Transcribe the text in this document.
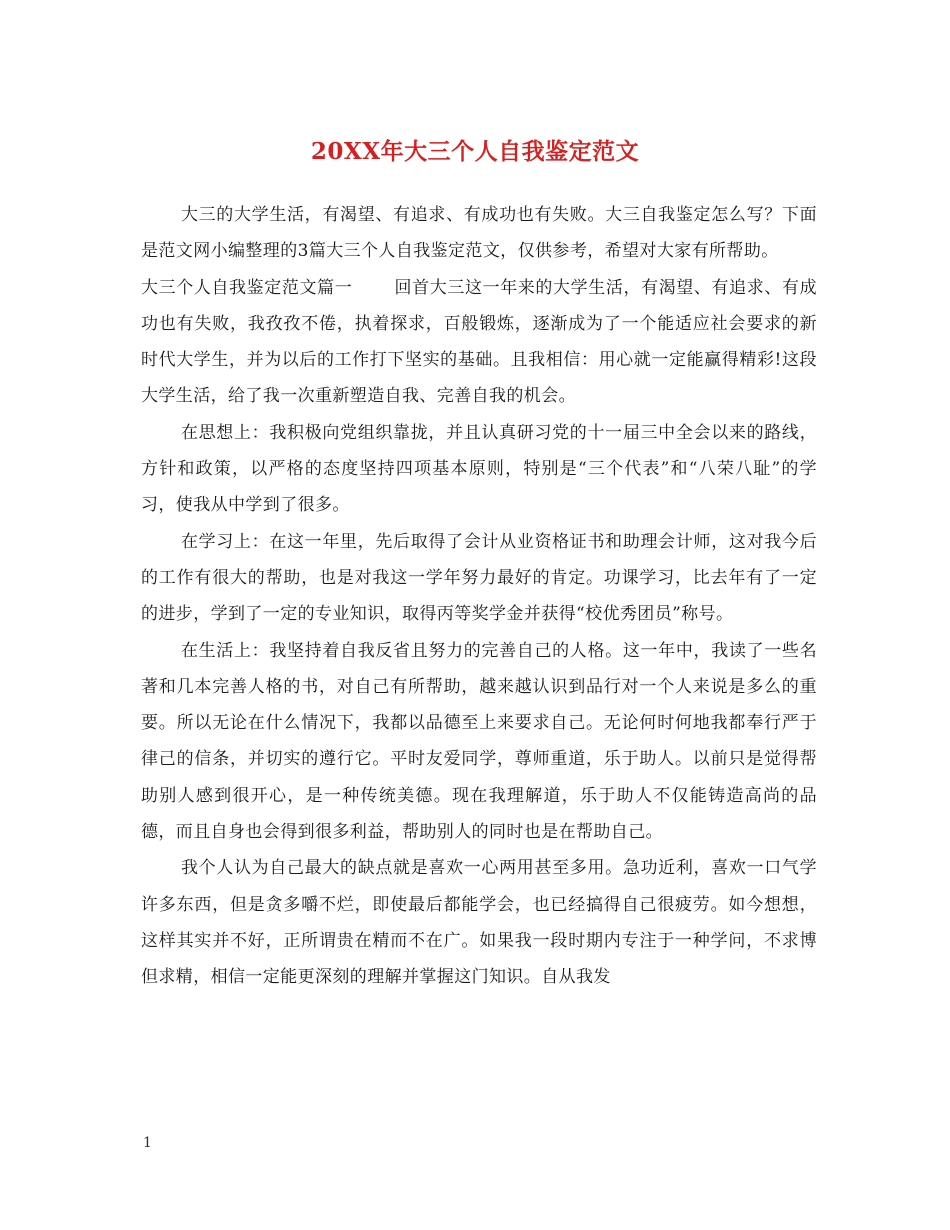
20XX年大三个人自我鉴定范文

大三的大学生活，有渴望、有追求、有成功也有失败。大三自我鉴定怎么写？下面是范文网小编整理的3篇大三个人自我鉴定范文，仅供参考，希望对大家有所帮助。

大三个人自我鉴定范文篇一 回首大三这一年来的大学生活，有渴望、有追求、有成功也有失败，我孜孜不倦，执着探求，百般锻炼，逐渐成为了一个能适应社会要求的新时代大学生，并为以后的工作打下坚实的基础。且我相信：用心就一定能赢得精彩!这段大学生活，给了我一次重新塑造自我、完善自我的机会。

在思想上：我积极向党组织靠拢，并且认真研习党的十一届三中全会以来的路线，方针和政策，以严格的态度坚持四项基本原则，特别是“三个代表”和“八荣八耻”的学习，使我从中学到了很多。

在学习上：在这一年里，先后取得了会计从业资格证书和助理会计师，这对我今后的工作有很大的帮助，也是对我这一学年努力最好的肯定。功课学习，比去年有了一定的进步，学到了一定的专业知识，取得丙等奖学金并获得“校优秀团员”称号。

在生活上：我坚持着自我反省且努力的完善自己的人格。这一年中，我读了一些名著和几本完善人格的书，对自己有所帮助，越来越认识到品行对一个人来说是多么的重要。所以无论在什么情况下，我都以品德至上来要求自己。无论何时何地我都奉行严于律己的信条，并切实的遵行它。平时友爱同学，尊师重道，乐于助人。以前只是觉得帮助别人感到很开心，是一种传统美德。现在我理解道，乐于助人不仅能铸造高尚的品德，而且自身也会得到很多利益，帮助别人的同时也是在帮助自己。

我个人认为自己最大的缺点就是喜欢一心两用甚至多用。急功近利，喜欢一口气学许多东西，但是贪多嚼不烂，即使最后都能学会，也已经搞得自己很疲劳。如今想想，这样其实并不好，正所谓贵在精而不在广。如果我一段时期内专注于一种学问，不求博但求精，相信一定能更深刻的理解并掌握这门知识。自从我发

1
